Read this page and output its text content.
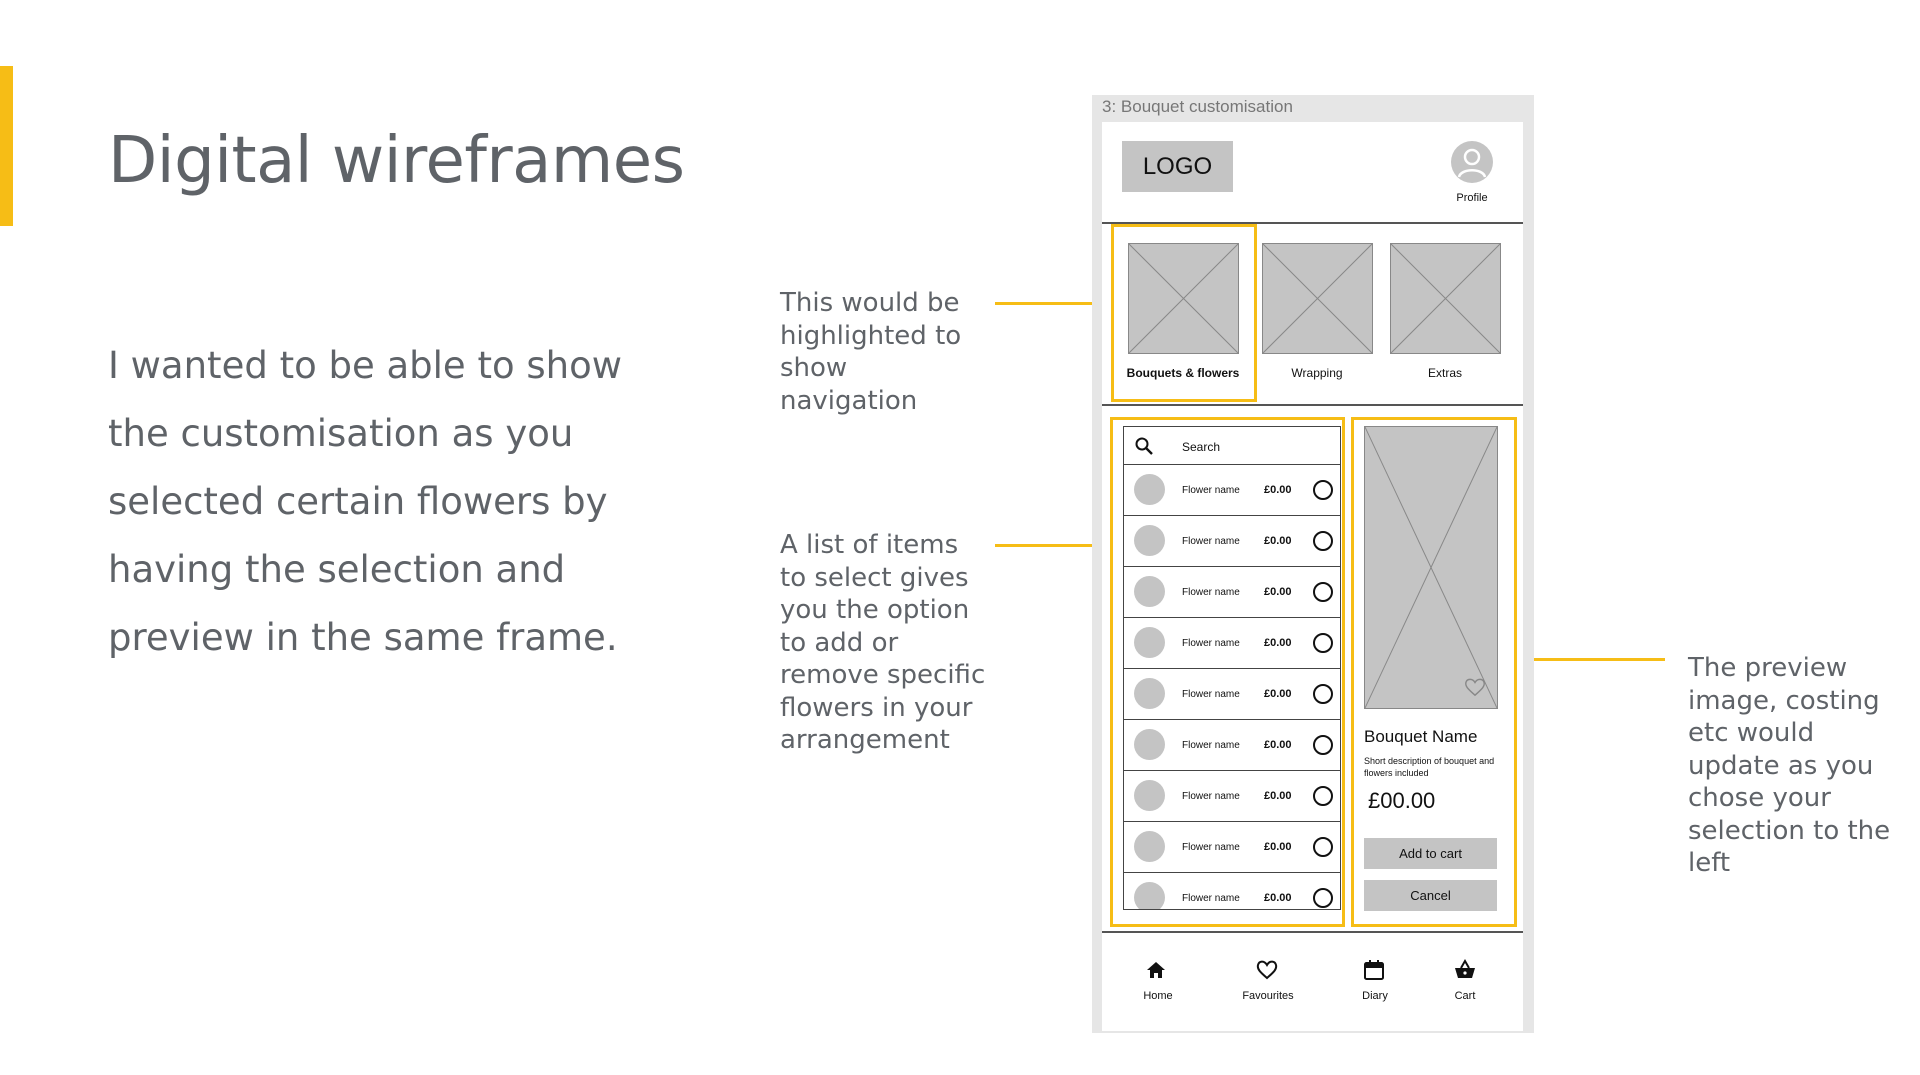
Digital wireframes

I wanted to be able to show the customisation as you selected certain flowers by having the selection and preview in the same frame.

This would be highlighted to show navigation
A list of items to select gives you the option to add or remove specific flowers in your arrangement
The preview image, costing etc would update as you chose your selection to the left
3: Bouquet customisation
LOGO
Profile
Bouquets & flowers	Wrapping	Extras
Search
Flower name £0.00
Flower name £0.00
Flower name £0.00
Flower name £0.00
Flower name £0.00
Flower name £0.00
Flower name £0.00
Flower name £0.00
Flower name £0.00
Bouquet Name
Short description of bouquet and flowers included
£00.00
Add to cart
Cancel
Home	Favourites	Diary	Cart
